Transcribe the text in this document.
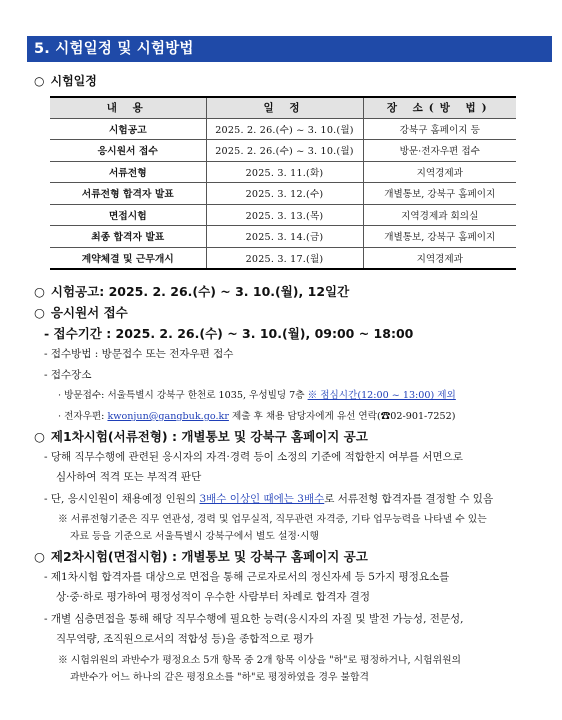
5. 시험일정 및 시험방법
○ 시험일정
내 용	일 정	장 소(방 법)
시험공고	2025. 2. 26.(수) ~ 3. 10.(월)	강북구 홈페이지 등
응시원서 접수	2025. 2. 26.(수) ~ 3. 10.(월)	방문·전자우편 접수
서류전형	2025. 3. 11.(화)	지역경제과
서류전형 합격자 발표	2025. 3. 12.(수)	개별통보, 강북구 홈페이지
면접시험	2025. 3. 13.(목)	지역경제과 회의실
최종 합격자 발표	2025. 3. 14.(금)	개별통보, 강북구 홈페이지
계약체결 및 근무개시	2025. 3. 17.(월)	지역경제과
○ 시험공고: 2025. 2. 26.(수) ~ 3. 10.(월), 12일간
○ 응시원서 접수
- 접수기간 : 2025. 2. 26.(수) ~ 3. 10.(월), 09:00 ~ 18:00
- 접수방법 : 방문접수 또는 전자우편 접수
- 접수장소
· 방문접수: 서울특별시 강북구 한천로 1035, 우성빌딩 7층 ※ 점심시간(12:00 ~ 13:00) 제외
· 전자우편: kwonjun@gangbuk.go.kr 제출 후 채용 담당자에게 유선 연락(☎02-901-7252)
○ 제1차시험(서류전형) : 개별통보 및 강북구 홈페이지 공고
- 당해 직무수행에 관련된 응시자의 자격·경력 등이 소정의 기준에 적합한지 여부를 서면으로
심사하여 적격 또는 부적격 판단
- 단, 응시인원이 채용예정 인원의 3배수 이상인 때에는 3배수로 서류전형 합격자를 결정할 수 있음
※ 서류전형기준은 직무 연관성, 경력 및 업무실적, 직무관련 자격증, 기타 업무능력을 나타낼 수 있는
자료 등을 기준으로 서울특별시 강북구에서 별도 설정·시행
○ 제2차시험(면접시험) : 개별통보 및 강북구 홈페이지 공고
- 제1차시험 합격자를 대상으로 면접을 통해 근로자로서의 정신자세 등 5가지 평정요소를
상·중·하로 평가하여 평정성적이 우수한 사람부터 차례로 합격자 결정
- 개별 심층면접을 통해 해당 직무수행에 필요한 능력(응시자의 자질 및 발전 가능성, 전문성,
직무역량, 조직원으로서의 적합성 등)을 종합적으로 평가
※ 시험위원의 과반수가 평정요소 5개 항목 중 2개 항목 이상을 "하"로 평정하거나, 시험위원의
과반수가 어느 하나의 같은 평정요소를 "하"로 평정하였을 경우 불합격
